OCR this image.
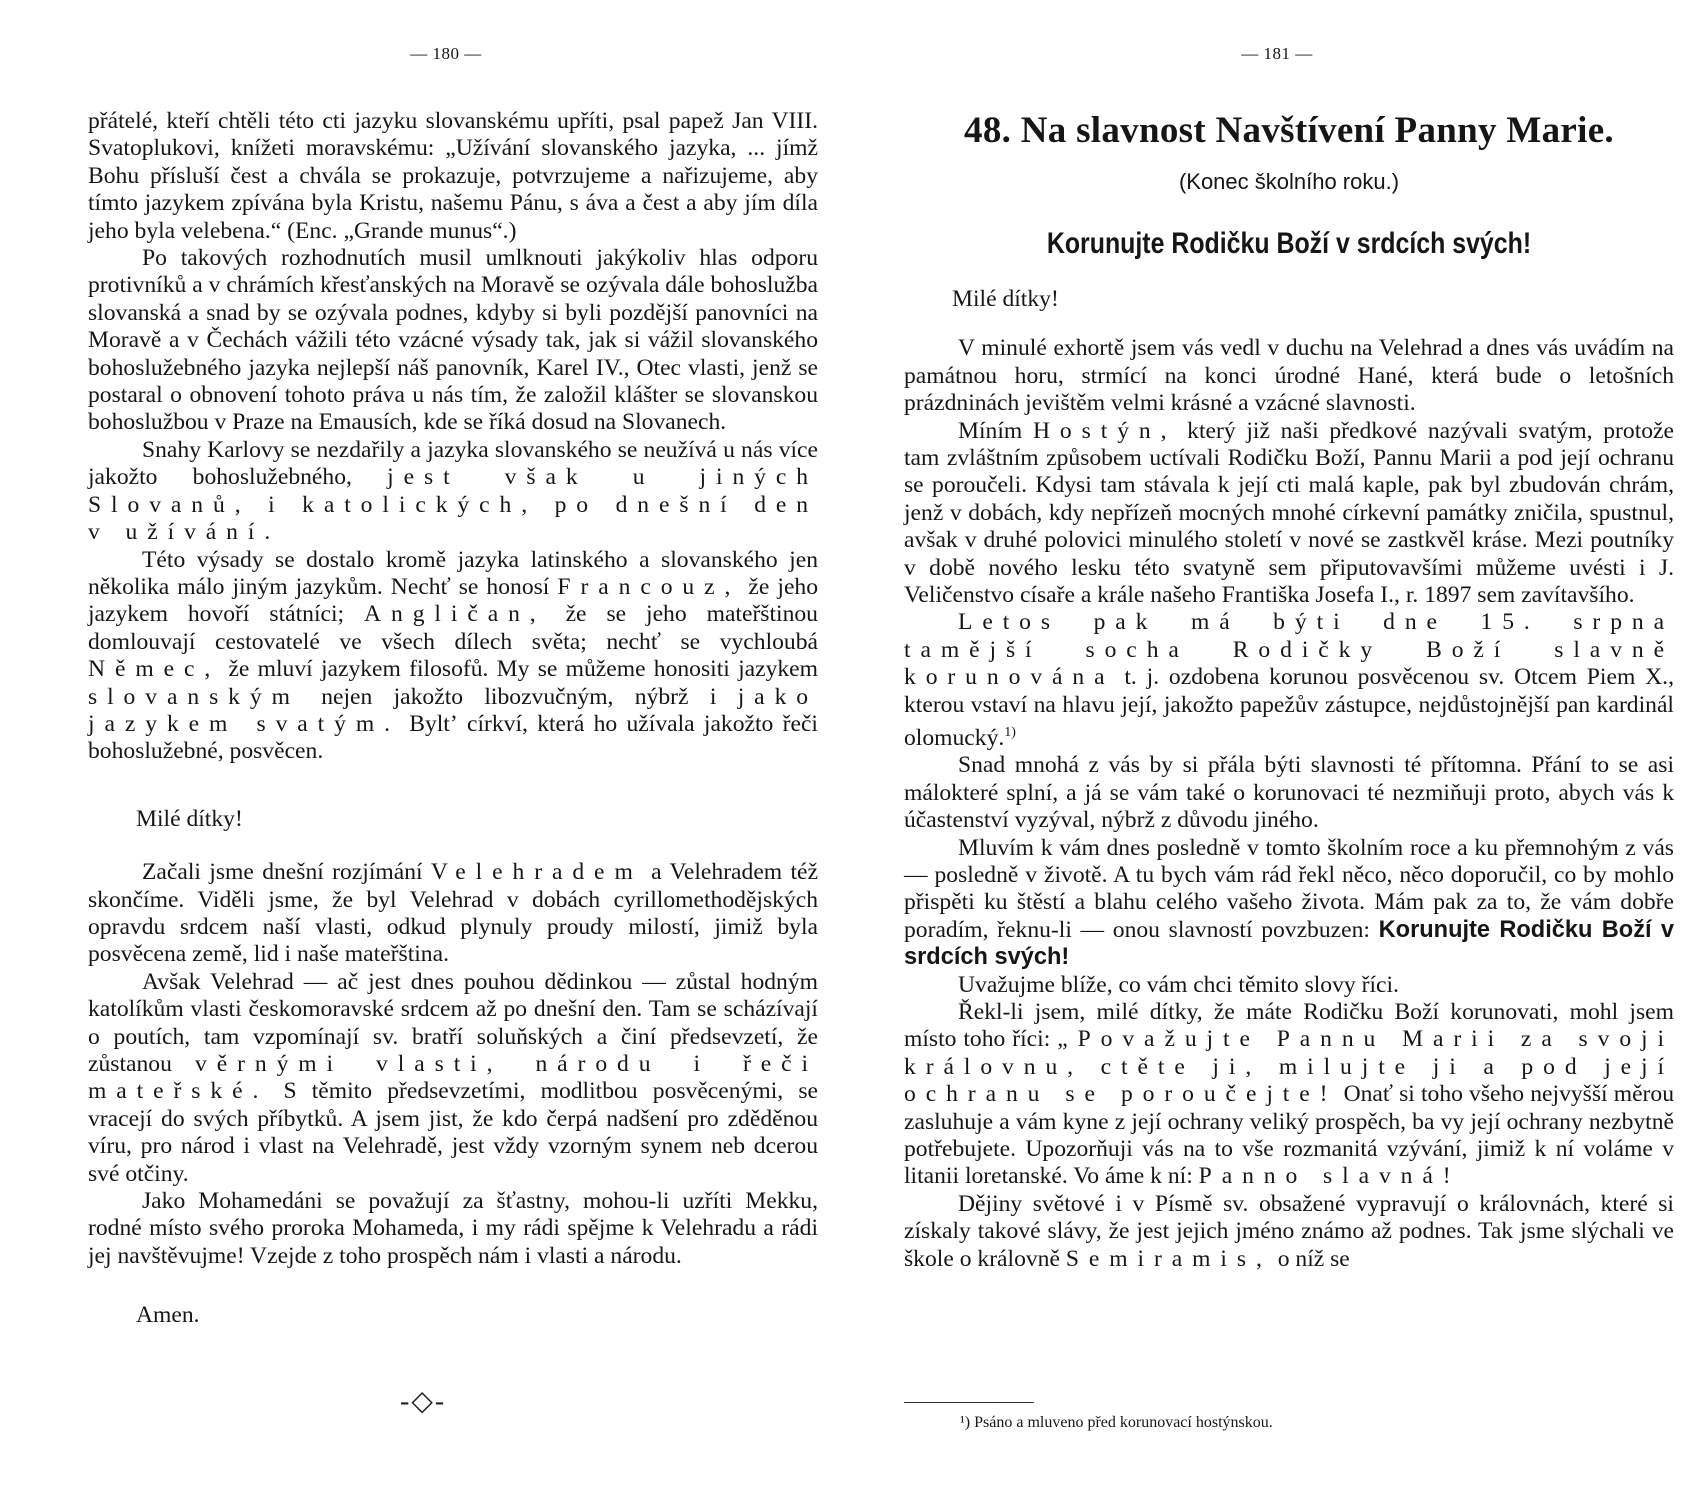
— 180 —

přátelé, kteří chtěli této cti jazyku slovanskému upříti, psal papež Jan VIII. Svatoplukovi, knížeti moravskému: „Užívání slovanského jazyka, ... jímž Bohu přísluší čest a chvála se prokazuje, potvrzujeme a nařizujeme, aby tímto jazykem zpívána byla Kristu, našemu Pánu, s áva a čest a aby jím díla jeho byla velebena.“ (Enc. „Grande munus“.)

Po takových rozhodnutích musil umlknouti jakýkoliv hlas odporu protivníků a v chrámích křesťanských na Moravě se ozývala dále bohoslužba slovanská a snad by se ozývala podnes, kdyby si byli pozdější panovníci na Moravě a v Čechách vážili této vzácné výsady tak, jak si vážil slovanského bohoslužebného jazyka nejlepší náš panovník, Karel IV., Otec vlasti, jenž se postaral o obnovení tohoto práva u nás tím, že založil klášter se slovanskou bohoslužbou v Praze na Emausích, kde se říká dosud na Slovanech.

Snahy Karlovy se nezdařily a jazyka slovanského se neužívá u nás více jakožto bohoslužebného, jest však u jiných Slovanů, i katolických, po dnešní den v užívání.

Této výsady se dostalo kromě jazyka latinského a slovanského jen několika málo jiným jazykům. Nechť se honosí Francouz, že jeho jazykem hovoří státníci; Angličan, že se jeho mateřštinou domlouvají cestovatelé ve všech dílech světa; nechť se vychloubá Němec, že mluví jazykem filosofů. My se můžeme honositi jazykem slovanským nejen jakožto libozvučným, nýbrž i jako jazykem svatým. Byltʼ církví, která ho užívala jakožto řeči bohoslužebné, posvěcen.

Milé dítky!

Začali jsme dnešní rozjímání Velehradem a Velehradem též skončíme. Viděli jsme, že byl Velehrad v dobách cyrillomethodějských opravdu srdcem naší vlasti, odkud plynuly proudy milostí, jimiž byla posvěcena země, lid i naše mateřština.

Avšak Velehrad — ač jest dnes pouhou dědinkou — zůstal hodným katolíkům vlasti českomoravské srdcem až po dnešní den. Tam se scházívají o poutích, tam vzpomínají sv. bratří soluňských a činí předsevzetí, že zůstanou věrnými vlasti, národu i řeči mateřské. S těmito předsevzetími, modlitbou posvěcenými, se vracejí do svých příbytků. A jsem jist, že kdo čerpá nadšení pro zděděnou víru, pro národ i vlast na Velehradě, jest vždy vzorným synem neb dcerou své otčiny.

Jako Mohamedáni se považují za šťastny, mohou-li uzříti Mekku, rodné místo svého proroka Mohameda, i my rádi spějme k Velehradu a rádi jej navštěvujme! Vzejde z toho prospěch nám i vlasti a národu.

Amen.

-◇-
— 181 —
48. Na slavnost Navštívení Panny Marie.
(Konec školního roku.)
Korunujte Rodičku Boží v srdcích svých!

Milé dítky!

V minulé exhortě jsem vás vedl v duchu na Velehrad a dnes vás uvádím na památnou horu, strmící na konci úrodné Hané, která bude o letošních prázdninách jevištěm velmi krásné a vzácné slavnosti.

Míním Hostýn, který již naši předkové nazývali svatým, protože tam zvláštním způsobem uctívali Rodičku Boží, Pannu Marii a pod její ochranu se poroučeli. Kdysi tam stávala k její cti malá kaple, pak byl zbudován chrám, jenž v dobách, kdy nepřízeň mocných mnohé církevní památky zničila, spustnul, avšak v druhé polovici minulého století v nové se zastkvěl kráse. Mezi poutníky v době nového lesku této svatyně sem připutovavšími můžeme uvésti i J. Veličenstvo císaře a krále našeho Františka Josefa I., r. 1897 sem zavítavšího.

Letos pak má býti dne 15. srpna tamější socha Rodičky Boží slavně korunována t. j. ozdobena korunou posvěcenou sv. Otcem Piem X., kterou vstaví na hlavu její, jakožto papežův zástupce, nejdůstojnější pan kardinál olomucký.$^{1)}$

Snad mnohá z vás by si přála býti slavnosti té přítomna. Přání to se asi málokteré splní, a já se vám také o korunovaci té nezmiňuji proto, abych vás k účastenství vyzýval, nýbrž z důvodu jiného.

Mluvím k vám dnes posledně v tomto školním roce a ku přemnohým z vás — posledně v životě. A tu bych vám rád řekl něco, něco doporučil, co by mohlo přispěti ku štěstí a blahu celého vašeho života. Mám pak za to, že vám dobře poradím, řeknu-li — onou slavností povzbuzen: Korunujte Rodičku Boží v srdcích svých!

Uvažujme blíže, co vám chci těmito slovy říci.

Řekl-li jsem, milé dítky, že máte Rodičku Boží korunovati, mohl jsem místo toho říci: „Považujte Pannu Marii za svoji královnu, ctěte ji, milujte ji a pod její ochranu se poroučejte! Onať si toho všeho nejvyšší měrou zasluhuje a vám kyne z její ochrany veliký prospěch, ba vy její ochrany nezbytně potřebujete. Upozorňuji vás na to vše rozmanitá vzývání, jimiž k ní voláme v litanii loretanské. Vo áme k ní: Panno slavná!

Dějiny světové i v Písmě sv. obsažené vypravují o královnách, které si získaly takové slávy, že jest jejich jméno známo až podnes. Tak jsme slýchali ve škole o královně Semiramis, o níž se

¹) Psáno a mluveno před korunovací hostýnskou.
